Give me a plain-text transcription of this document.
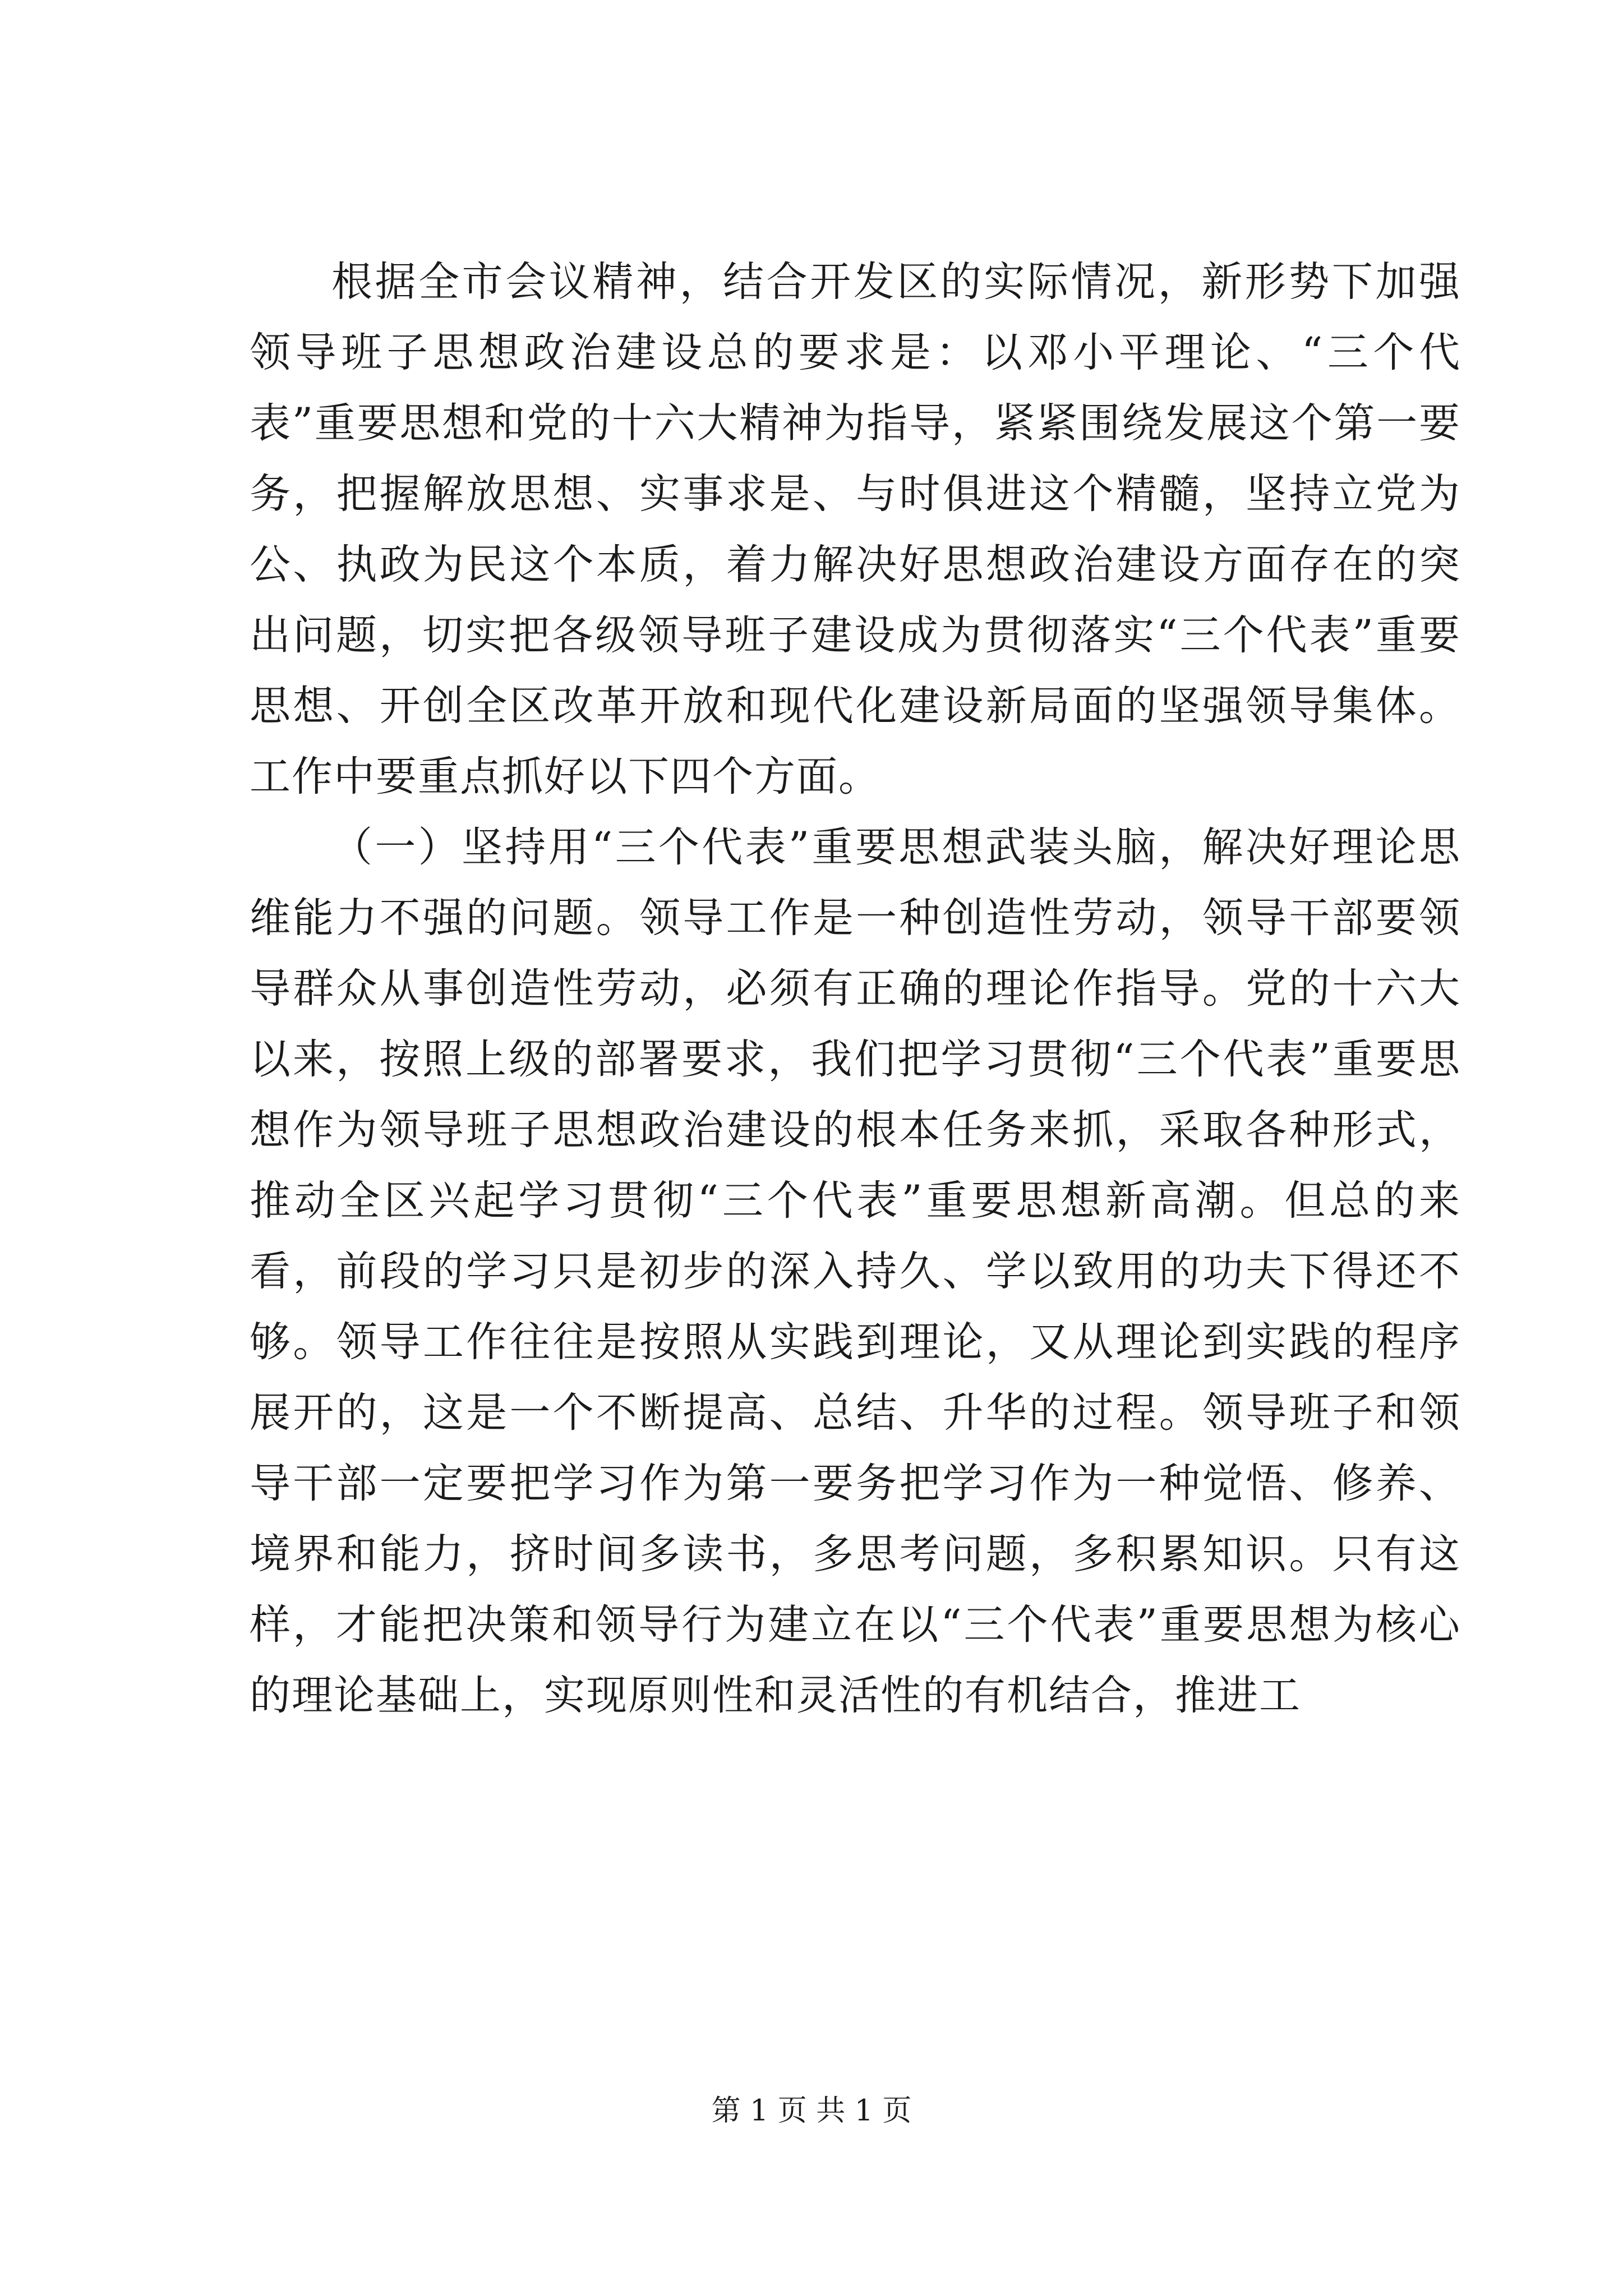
根据全市会议精神，结合开发区的实际情况，新形势下加强领导班子思想政治建设总的要求是：以邓小平理论、“三个代表”重要思想和党的十六大精神为指导，紧紧围绕发展这个第一要务，把握解放思想、实事求是、与时俱进这个精髓，坚持立党为公、执政为民这个本质，着力解决好思想政治建设方面存在的突出问题，切实把各级领导班子建设成为贯彻落实“三个代表”重要思想、开创全区改革开放和现代化建设新局面的坚强领导集体。工作中要重点抓好以下四个方面。

（一）坚持用“三个代表”重要思想武装头脑，解决好理论思维能力不强的问题。领导工作是一种创造性劳动，领导干部要领导群众从事创造性劳动，必须有正确的理论作指导。党的十六大以来，按照上级的部署要求，我们把学习贯彻“三个代表”重要思想作为领导班子思想政治建设的根本任务来抓，采取各种形式，推动全区兴起学习贯彻“三个代表”重要思想新高潮。但总的来看，前段的学习只是初步的深入持久、学以致用的功夫下得还不够。领导工作往往是按照从实践到理论，又从理论到实践的程序展开的，这是一个不断提高、总结、升华的过程。领导班子和领导干部一定要把学习作为第一要务把学习作为一种觉悟、修养、境界和能力，挤时间多读书，多思考问题，多积累知识。只有这样，才能把决策和领导行为建立在以“三个代表”重要思想为核心的理论基础上，实现原则性和灵活性的有机结合，推进工

第 1 页 共 1 页
